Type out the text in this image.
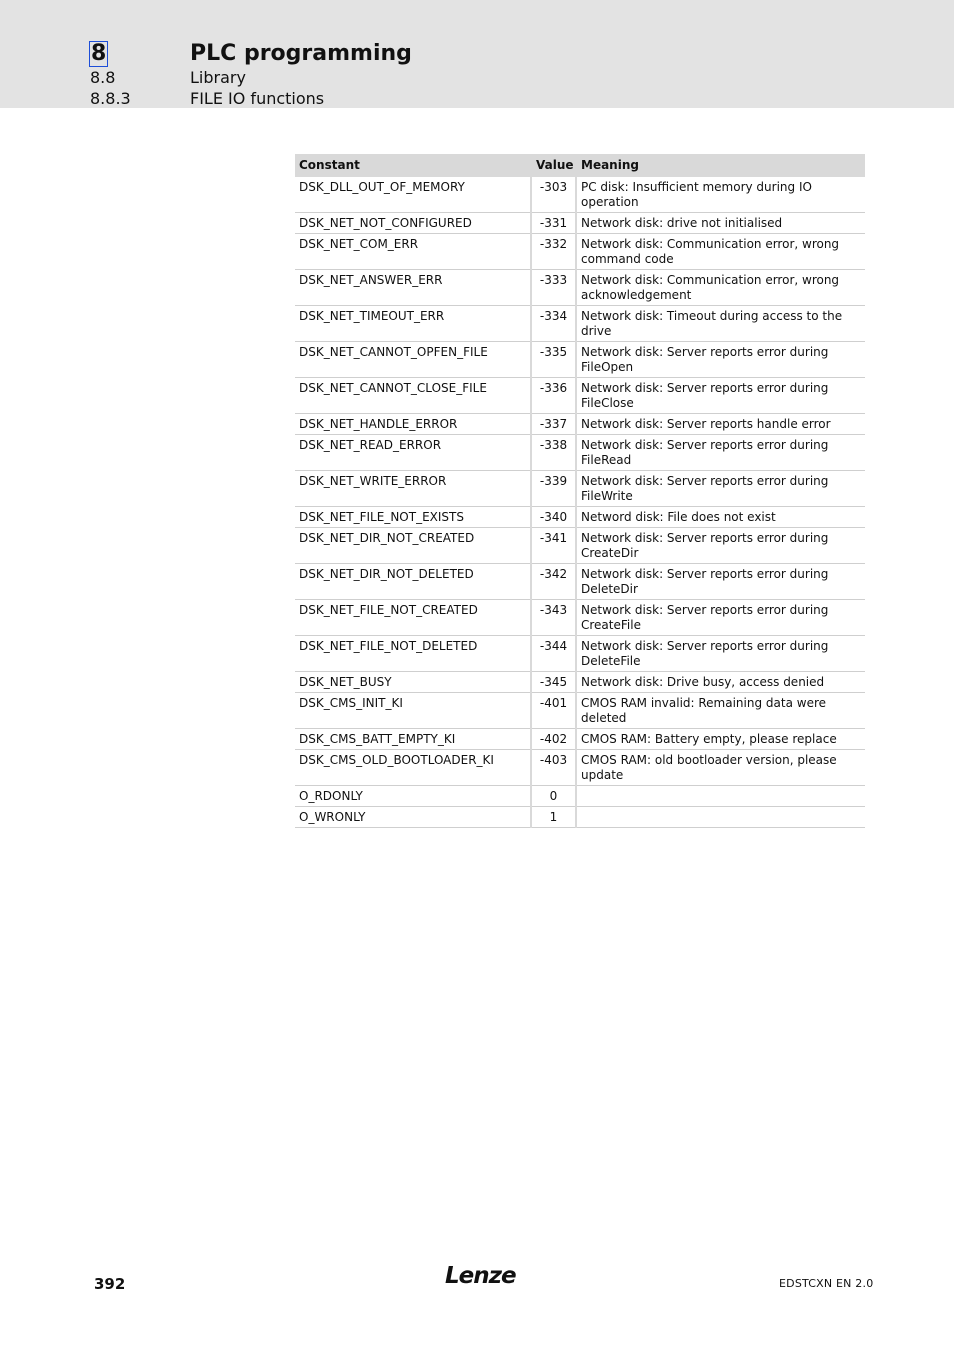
8	PLC programming
8.8	Library
8.8.3	FILE IO functions
Constant	Value	Meaning
DSK_DLL_OUT_OF_MEMORY	-303	PC disk: Insufficient memory during IO operation
DSK_NET_NOT_CONFIGURED	-331	Network disk: drive not initialised
DSK_NET_COM_ERR	-332	Network disk: Communication error, wrong command code
DSK_NET_ANSWER_ERR	-333	Network disk: Communication error, wrong acknowledgement
DSK_NET_TIMEOUT_ERR	-334	Network disk: Timeout during access to the drive
DSK_NET_CANNOT_OPFEN_FILE	-335	Network disk: Server reports error during FileOpen
DSK_NET_CANNOT_CLOSE_FILE	-336	Network disk: Server reports error during FileClose
DSK_NET_HANDLE_ERROR	-337	Network disk: Server reports handle error
DSK_NET_READ_ERROR	-338	Network disk: Server reports error during FileRead
DSK_NET_WRITE_ERROR	-339	Network disk: Server reports error during FileWrite
DSK_NET_FILE_NOT_EXISTS	-340	Netword disk: File does not exist
DSK_NET_DIR_NOT_CREATED	-341	Network disk: Server reports error during CreateDir
DSK_NET_DIR_NOT_DELETED	-342	Network disk: Server reports error during DeleteDir
DSK_NET_FILE_NOT_CREATED	-343	Network disk: Server reports error during CreateFile
DSK_NET_FILE_NOT_DELETED	-344	Network disk: Server reports error during DeleteFile
DSK_NET_BUSY	-345	Network disk: Drive busy, access denied
DSK_CMS_INIT_KI	-401	CMOS RAM invalid: Remaining data were deleted
DSK_CMS_BATT_EMPTY_KI	-402	CMOS RAM: Battery empty, please replace
DSK_CMS_OLD_BOOTLOADER_KI	-403	CMOS RAM: old bootloader version, please update
O_RDONLY	0	
O_WRONLY	1	
392	Lenze	EDSTCXN EN 2.0
